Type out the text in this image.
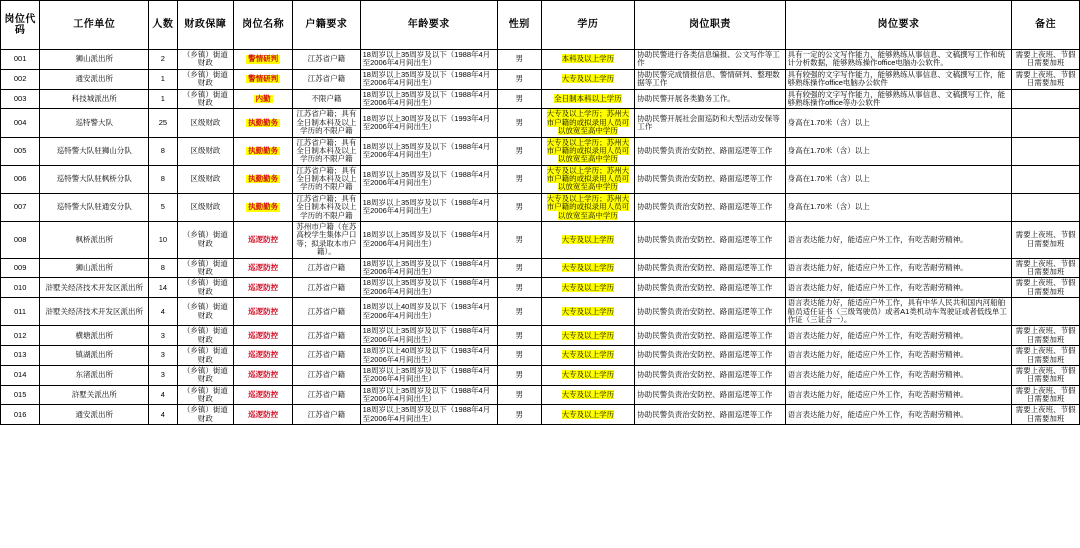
岗位代码	工作单位	人数	财政保障	岗位名称	户籍要求	年龄要求	性别	学历	岗位职责	岗位要求	备注
001	狮山派出所	2	（乡镇）街道财政	警情研判	江苏省户籍	18周岁以上35周岁及以下（1988年4月至2006年4月间出生）	男	本科及以上学历	协助民警进行各类信息编报、公文写作等工作	具有一定的公文写作能力，能够熟练从事信息、文稿撰写工作和统计分析数据，能够熟练操作office电脑办公软件。	需要上夜班、节假日需要加班
002	通安派出所	1	（乡镇）街道财政	警情研判	江苏省户籍	18周岁以上35周岁及以下（1988年4月至2006年4月间出生）	男	大专及以上学历	协助民警完成情报信息、警情研判、整理数据等工作	具有较强的文字写作能力，能够熟练从事信息、文稿撰写工作，能够熟练操作office电脑办公软件	需要上夜班、节假日需要加班
003	科技城派出所	1	（乡镇）街道财政	内勤	不限户籍	18周岁以上35周岁及以下（1988年4月至2006年4月间出生）	男	全日制本科以上学历	协助民警开展各类勤务工作。	具有较强的文字写作能力，能够熟练从事信息、文稿撰写工作，能够熟练操作office等办公软件	
004	巡特警大队	25	区级财政	执勤勤务	江苏省户籍；具有全日制本科及以上学历的不限户籍	18周岁以上30周岁及以下（1993年4月至2006年4月间出生）	男	大专及以上学历；苏州大市户籍的或拟录用人员可以放宽至高中学历	协助民警开展社会面巡防和大型活动安保等工作	身高在1.70米（含）以上	
005	巡特警大队驻狮山分队	8	区级财政	执勤勤务	江苏省户籍；具有全日制本科及以上学历的不限户籍	18周岁以上35周岁及以下（1988年4月至2006年4月间出生）	男	大专及以上学历；苏州大市户籍的或拟录用人员可以放宽至高中学历	协助民警负责治安防控、路面巡逻等工作	身高在1.70米（含）以上	
006	巡特警大队驻枫桥分队	8	区级财政	执勤勤务	江苏省户籍；具有全日制本科及以上学历的不限户籍	18周岁以上35周岁及以下（1988年4月至2006年4月间出生）	男	大专及以上学历；苏州大市户籍的或拟录用人员可以放宽至高中学历	协助民警负责治安防控、路面巡逻等工作	身高在1.70米（含）以上	
007	巡特警大队驻通安分队	5	区级财政	执勤勤务	江苏省户籍；具有全日制本科及以上学历的不限户籍	18周岁以上35周岁及以下（1988年4月至2006年4月间出生）	男	大专及以上学历；苏州大市户籍的或拟录用人员可以放宽至高中学历	协助民警负责治安防控、路面巡逻等工作	身高在1.70米（含）以上	
008	枫桥派出所	10	（乡镇）街道财政	巡逻防控	苏州市户籍（在苏高校学生集体户口等；拟录取本市户籍）。	18周岁以上35周岁及以下（1988年4月至2006年4月间出生）	男	大专及以上学历	协助民警负责治安防控、路面巡逻等工作	语言表达能力好，能适应户外工作，有吃苦耐劳精神。	需要上夜班、节假日需要加班
009	狮山派出所	8	（乡镇）街道财政	巡逻防控	江苏省户籍	18周岁以上35周岁及以下（1988年4月至2006年4月间出生）	男	大专及以上学历	协助民警负责治安防控、路面巡逻等工作	语言表达能力好，能适应户外工作，有吃苦耐劳精神。	需要上夜班、节假日需要加班
010	浒墅关经济技术开发区派出所	14	（乡镇）街道财政	巡逻防控	江苏省户籍	18周岁以上35周岁及以下（1988年4月至2006年4月间出生）	男	大专及以上学历	协助民警负责治安防控、路面巡逻等工作	语言表达能力好，能适应户外工作，有吃苦耐劳精神。	需要上夜班、节假日需要加班
011	浒墅关经济技术开发区派出所	4	（乡镇）街道财政	巡逻防控	江苏省户籍	18周岁以上40周岁及以下（1983年4月至2006年4月间出生）	男	大专及以上学历	协助民警负责治安防控、路面巡逻等工作	语言表达能力好，能适应户外工作，具有中华人民共和国内河船舶船员适任证书（三级驾驶员）或者A1类机动车驾驶证或者低线单工作证（三证合一）。	
012	横塘派出所	3	（乡镇）街道财政	巡逻防控	江苏省户籍	18周岁以上35周岁及以下（1988年4月至2006年4月间出生）	男	大专及以上学历	协助民警负责治安防控、路面巡逻等工作	语言表达能力好，能适应户外工作，有吃苦耐劳精神。	需要上夜班、节假日需要加班
013	镇湖派出所	3	（乡镇）街道财政	巡逻防控	江苏省户籍	18周岁以上40周岁及以下（1983年4月至2006年4月间出生）	男	大专及以上学历	协助民警负责治安防控、路面巡逻等工作	语言表达能力好，能适应户外工作，有吃苦耐劳精神。	需要上夜班、节假日需要加班
014	东渚派出所	3	（乡镇）街道财政	巡逻防控	江苏省户籍	18周岁以上35周岁及以下（1988年4月至2006年4月间出生）	男	大专及以上学历	协助民警负责治安防控、路面巡逻等工作	语言表达能力好，能适应户外工作，有吃苦耐劳精神。	需要上夜班、节假日需要加班
015	浒墅关派出所	4	（乡镇）街道财政	巡逻防控	江苏省户籍	18周岁以上35周岁及以下（1988年4月至2006年4月间出生）	男	大专及以上学历	协助民警负责治安防控、路面巡逻等工作	语言表达能力好，能适应户外工作，有吃苦耐劳精神。	需要上夜班、节假日需要加班
016	通安派出所	4	（乡镇）街道财政	巡逻防控	江苏省户籍	18周岁以上35周岁及以下（1988年4月至2006年4月间出生）	男	大专及以上学历	协助民警负责治安防控、路面巡逻等工作	语言表达能力好，能适应户外工作，有吃苦耐劳精神。	需要上夜班、节假日需要加班
